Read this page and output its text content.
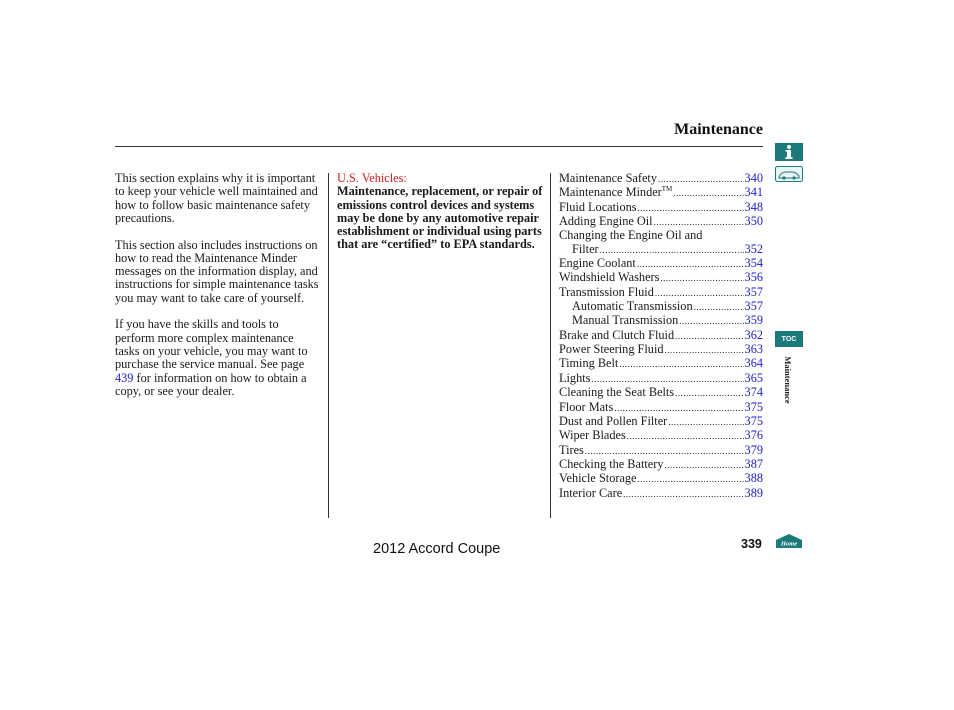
Maintenance

This section explains why it is important to keep your vehicle well maintained and how to follow basic maintenance safety precautions.

This section also includes instructions on how to read the Maintenance Minder messages on the information display, and instructions for simple maintenance tasks you may want to take care of yourself.

If you have the skills and tools to perform more complex maintenance tasks on your vehicle, you may want to purchase the service manual. See page 439 for information on how to obtain a copy, or see your dealer.

U.S. Vehicles:
Maintenance, replacement, or repair of emissions control devices and systems may be done by any automotive repair establishment or individual using parts that are “certified” to EPA standards.
Maintenance Safety .....	340
Maintenance Minder™ .....	341
Fluid Locations .....	348
Adding Engine Oil .....	350
Changing the Engine Oil and
Filter .....	352
Engine Coolant .....	354
Windshield Washers .....	356
Transmission Fluid .....	357
Automatic Transmission .....	357
Manual Transmission .....	359
Brake and Clutch Fluid .....	362
Power Steering Fluid .....	363
Timing Belt .....	364
Lights .....	365
Cleaning the Seat Belts .....	374
Floor Mats .....	375
Dust and Pollen Filter .....	375
Wiper Blades .....	376
Tires .....	379
Checking the Battery .....	387
Vehicle Storage .....	388
Interior Care .....	389
TOC
Maintenance
2012 Accord Coupe	339	Home
